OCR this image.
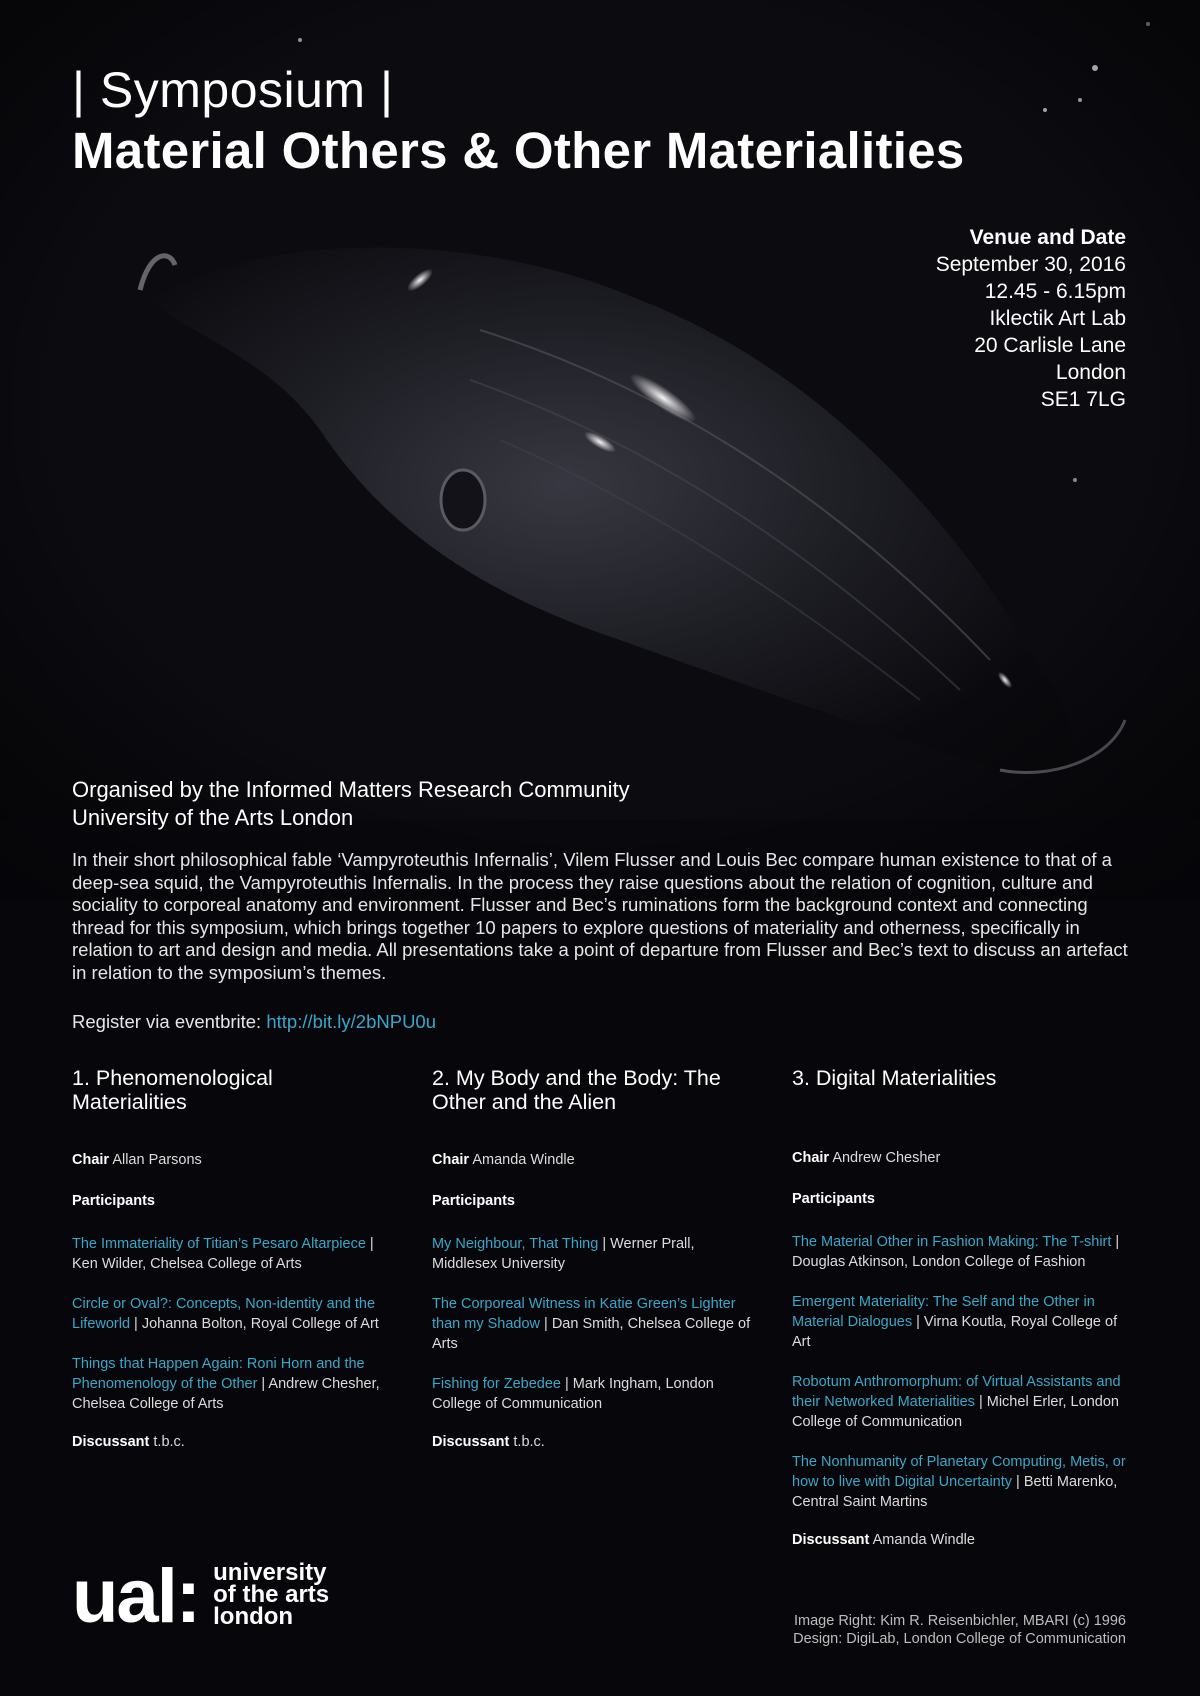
| Symposium |
Material Others & Other Materialities
Venue and Date
September 30, 2016
12.45 - 6.15pm
Iklectik Art Lab
20 Carlisle Lane
London
SE1 7LG
Organised by the Informed Matters Research Community
University of the Arts London
In their short philosophical fable ‘Vampyroteuthis Infernalis’, Vilem Flusser and Louis Bec compare human existence to that of a deep-sea squid, the Vampyroteuthis Infernalis. In the process they raise questions about the relation of cognition, culture and sociality to corporeal anatomy and environment. Flusser and Bec’s ruminations form the background context and connecting thread for this symposium, which brings together 10 papers to explore questions of materiality and otherness, specifically in relation to art and design and media. All presentations take a point of departure from Flusser and Bec’s text to discuss an artefact in relation to the symposium’s themes.
Register via eventbrite: http://bit.ly/2bNPU0u
1. Phenomenological Materialities
Chair Allan Parsons
Participants
The Immateriality of Titian’s Pesaro Altarpiece | Ken Wilder, Chelsea College of Arts
Circle or Oval?: Concepts, Non-identity and the Lifeworld | Johanna Bolton, Royal College of Art
Things that Happen Again: Roni Horn and the Phenomenology of the Other | Andrew Chesher, Chelsea College of Arts
Discussant t.b.c.
2. My Body and the Body: The Other and the Alien
Chair Amanda Windle
Participants
My Neighbour, That Thing | Werner Prall, Middlesex University
The Corporeal Witness in Katie Green’s Lighter than my Shadow | Dan Smith, Chelsea College of Arts
Fishing for Zebedee | Mark Ingham, London College of Communication
Discussant t.b.c.
3. Digital Materialities
Chair Andrew Chesher
Participants
The Material Other in Fashion Making: The T-shirt | Douglas Atkinson, London College of Fashion
Emergent Materiality: The Self and the Other in Material Dialogues | Virna Koutla, Royal College of Art
Robotum Anthromorphum: of Virtual Assistants and their Networked Materialities | Michel Erler, London College of Communication
The Nonhumanity of Planetary Computing, Metis, or how to live with Digital Uncertainty | Betti Marenko, Central Saint Martins
Discussant Amanda Windle
ual: university
of the arts
london	Image Right: Kim R. Reisenbichler, MBARI (c) 1996
Design: DigiLab, London College of Communication
